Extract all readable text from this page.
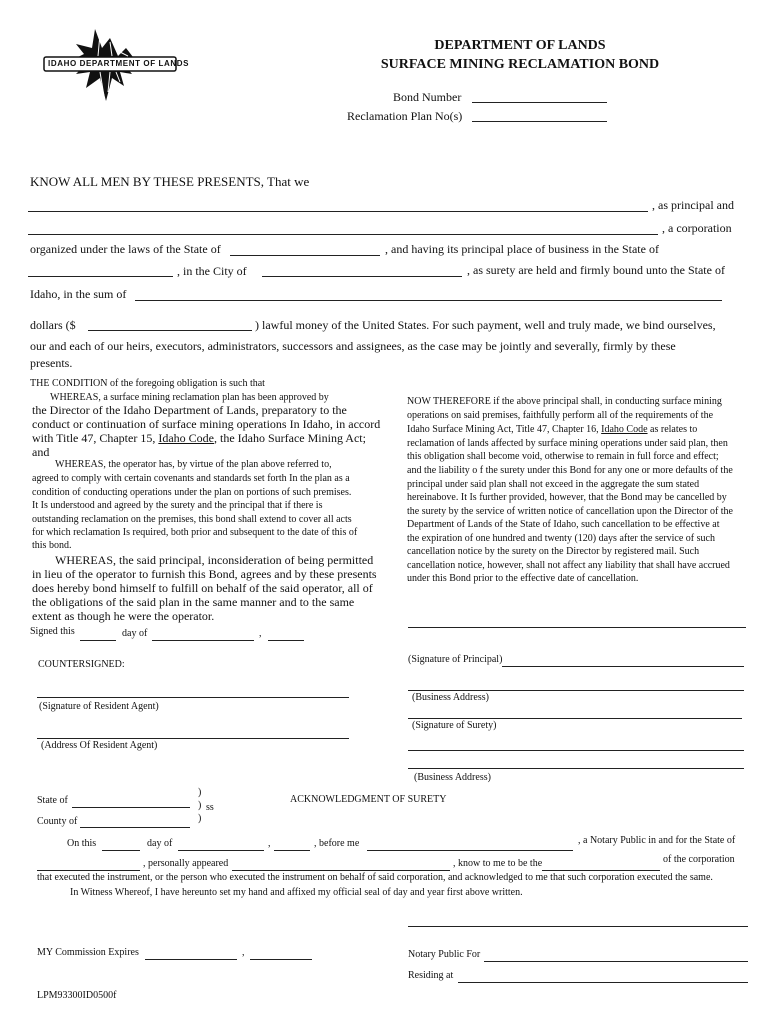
IDAHO DEPARTMENT OF LANDS
DEPARTMENT OF LANDS
SURFACE MINING RECLAMATION BOND
Bond Number
Reclamation Plan No(s)
KNOW ALL MEN BY THESE PRESENTS, That we
, as principal and
, a corporation
organized under the laws of the State of	, and having its principal place of business in the State of
, in the City of	, as surety are held and firmly bound unto the State of
Idaho, in the sum of
dollars ($	) lawful money of the United States. For such payment, well and truly made, we bind ourselves,
our and each of our heirs, executors, administrators, successors and assignees, as the case may be jointly and severally, firmly by these
presents.
THE CONDITION of the foregoing obligation is such that
WHEREAS, a surface mining reclamation plan has been approved by
the Director of the Idaho Department of Lands, preparatory to the
conduct or continuation of surface mining operations In Idaho, in accord
with Title 47, Chapter 15, Idaho Code, the Idaho Surface Mining Act;
and
WHEREAS, the operator has, by virtue of the plan above referred to,
agreed to comply with certain covenants and standards set forth In the plan as a
condition of conducting operations under the plan on portions of such premises.
It Is understood and agreed by the surety and the principal that if there is
outstanding reclamation on the premises, this bond shall extend to cover all acts
for which reclamation Is required, both prior and subsequent to the date of this of
this bond.
WHEREAS, the said principal, inconsideration of being permitted
in lieu of the operator to furnish this Bond, agrees and by these presents
does hereby bond himself to fulfill on behalf of the said operator, all of
the obligations of the said plan in the same manner and to the same
extent as though he were the operator.
NOW THEREFORE if the above principal shall, in conducting surface mining
operations on said premises, faithfully perform all of the requirements of the
Idaho Surface Mining Act, Title 47, Chapter 16, Idaho Code as relates to
reclamation of lands affected by surface mining operations under said plan, then
this obligation shall become void, otherwise to remain in full force and effect;
and the liability o f the surety under this Bond for any one or more defaults of the
principal under said plan shall not exceed in the aggregate the sum stated
hereinabove. It Is further provided, however, that the Bond may be cancelled by
the surety by the service of written notice of cancellation upon the Director of the
Department of Lands of the State of Idaho, such cancellation to be effective at
the expiration of one hundred and twenty (120) days after the service of such
cancellation notice by the surety on the Director by registered mail. Such
cancellation notice, however, shall not affect any liability that shall have accrued
under this Bond prior to the effective date of cancellation.
Signed this	day of	,
(Signature of Principal)
(Business Address)
(Signature of Surety)
(Business Address)
COUNTERSIGNED:
(Signature of Resident Agent)
(Address Of Resident Agent)
)
State of	) ss
)
County of
ACKNOWLEDGMENT OF SURETY
On this	day of	,	, before me	, a Notary Public in and for the State of
, personally appeared	, know to me to be the	of the corporation
that executed the instrument, or the person who executed the instrument on behalf of said corporation, and acknowledged to me that such corporation executed the same.
In Witness Whereof, I have hereunto set my hand and affixed my official seal of day and year first above written.
MY Commission Expires	,	Notary Public For
Residing at
LPM93300ID0500f
